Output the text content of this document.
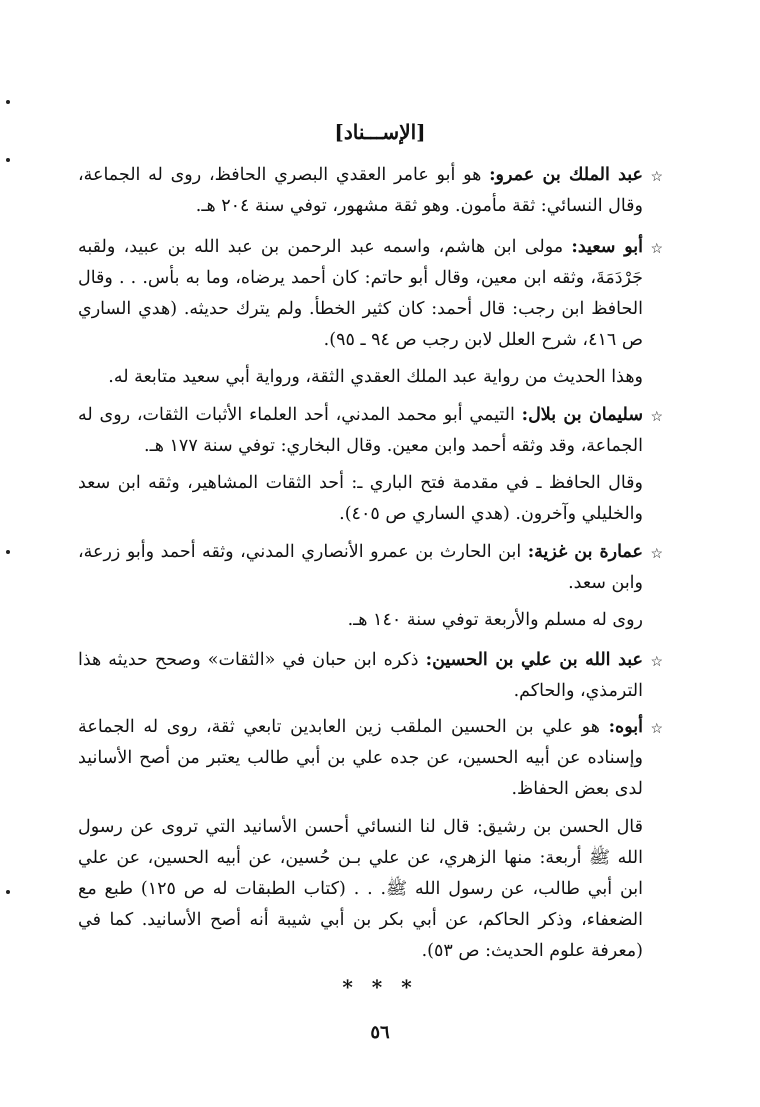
[الإســـناد]
☆
عبد الملك بن عمرو: هو أبو عامر العقدي البصري الحافظ، روى له الجماعة، وقال النسائي: ثقة مأمون. وهو ثقة مشهور، توفي سنة ٢٠٤ هـ.
☆
أبو سعيد: مولى ابن هاشم، واسمه عبد الرحمن بن عبد الله بن عبيد، ولقبه جَرْدَمَةَ، وثقه ابن معين، وقال أبو حاتم: كان أحمد يرضاه، وما به بأس. . . وقال الحافظ ابن رجب: قال أحمد: كان كثير الخطأ. ولم يترك حديثه. (هدي الساري ص ٤١٦، شرح العلل لابن رجب ص ٩٤ ـ ٩٥).
وهذا الحديث من رواية عبد الملك العقدي الثقة، ورواية أبي سعيد متابعة له.
☆
سليمان بن بلال: التيمي أبو محمد المدني، أحد العلماء الأثبات الثقات، روى له الجماعة، وقد وثقه أحمد وابن معين. وقال البخاري: توفي سنة ١٧٧ هـ.
وقال الحافظ ـ في مقدمة فتح الباري ـ: أحد الثقات المشاهير، وثقه ابن سعد والخليلي وآخرون. (هدي الساري ص ٤٠٥).
☆
عمارة بن غزية: ابن الحارث بن عمرو الأنصاري المدني، وثقه أحمد وأبو زرعة، وابن سعد.
روى له مسلم والأربعة توفي سنة ١٤٠ هـ.
☆
عبد الله بن علي بن الحسين: ذكره ابن حبان في «الثقات» وصحح حديثه هذا الترمذي، والحاكم.
☆
أبوه: هو علي بن الحسين الملقب زين العابدين تابعي ثقة، روى له الجماعة وإسناده عن أبيه الحسين، عن جده علي بن أبي طالب يعتبر من أصح الأسانيد لدى بعض الحفاظ.
قال الحسن بن رشيق: قال لنا النسائي أحسن الأسانيد التي تروى عن رسول الله ﷺ أربعة: منها الزهري، عن علي بـن حُسين، عن أبيه الحسين، عن علي ابن أبي طالب، عن رسول الله ﷺ. . . (كتاب الطبقات له ص ١٢٥) طبع مع الضعفاء، وذكر الحاكم، عن أبي بكر بن أبي شيبة أنه أصح الأسانيد. كما في (معرفة علوم الحديث: ص ٥٣).
* * *
٥٦
